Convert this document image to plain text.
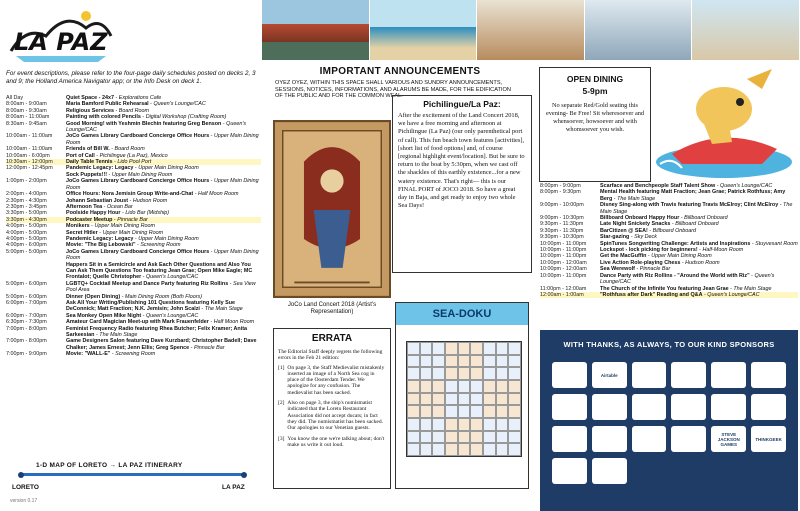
LA PAZ
For event descriptions, please refer to the four-page daily schedules posted on decks 2, 3 and 9; the Holland America Navigator app; or the Info Desk on deck 1.
All Day	Quiet Space - 24x7 - Explorations Cafe
8:00am - 9:00am	Maria Bamford Public Rehearsal - Queen's Lounge/CAC
8:00am - 9:30am	Religious Services - Board Room
8:00am - 11:00am	Painting with colored Pencils - Digital Workshop (Crafting Room)
8:30am - 9:45am	Good Morning! with Yeshmin Blechin featuring Greg Benson - Queen's Lounge/CAC
10:00am - 11:00am	JoCo Games Library Cardboard Concierge Office Hours - Upper Main Dining Room
10:00am - 11:00am	Friends of Bill W. - Board Room
10:00am - 6:00pm	Port of Call - Pichilingue (La Paz), Mexico
10:30am - 12:00pm	Daily Table Tennis - Lido Pool Port
12:00pm - 12:45pm	Pandemic Legacy: Legacy - Upper Main Dining Room
Sock Puppets!!! - Upper Main Dining Room
1:00pm - 2:00pm	JoCo Games Library Cardboard Concierge Office Hours - Upper Main Dining Room
2:00pm - 4:00pm	Office Hours: Nora Jemisin Group Write-and-Chat - Half Moon Room
2:30pm - 4:30pm	Johann Sebastian Joust - Hudson Room
2:30pm - 3:45pm	Afternoon Tea - Ocean Bar
3:30pm - 5:00pm	Poolside Happy Hour - Lido Bar (Midship)
3:30pm - 4:30pm	Podcaster Meetup - Pinnacle Bar
4:00pm - 5:00pm	Monikers - Upper Main Dining Room
4:00pm - 5:00pm	Secret Hitler - Upper Main Dining Room
4:00pm - 5:00pm	Pandemic Legacy: Legacy - Upper Main Dining Room
4:00pm - 6:00pm	Movie: "The Big Lebowski" - Screening Room
5:00pm - 5:00pm	JoCo Games Library Cardboard Concierge Office Hours - Upper Main Dining Room
Happers Sit in a Semicircle and Ask Each Other Questions and Also You Can Ask Them Questions Too featuring Jean Grae; Open Mike Eagle; MC Frontalot; Quelle Christopher - Queen's Lounge/CAC
5:00pm - 6:00pm	LGBTQ+ Cocktail Meetup and Dance Party featuring Riz Rollins - Sea View Pool Area
5:00pm - 6:00pm	Dinner (Open Dining) - Main Dining Room (Both Floors)
6:00pm - 7:00pm	Ask All Your Writing/Publishing 101 Questions featuring Kelly Sue DeConnick; Matt Fraction; N.K. Jemisin; John Scalzi - The Main Stage
6:00pm - 7:00pm	Sea Monkey Open Mike Night - Queen's Lounge/CAC
6:30pm - 7:30pm	Amateur Card Magician Meet-up with Mark Frauenfelder - Half Moon Room
7:00pm - 8:00pm	Feminist Frequency Radio featuring Rhea Butcher; Felix Kramer; Anita Sarkeesian - The Main Stage
7:00pm - 8:00pm	Game Designers Salon featuring Dave Kurzbard; Christopher Badell; Dave Chalker; James Ernest; Jenn Ellis; Greg Spence - Pinnacle Bar
7:00pm - 9:00pm	Movie: "WALL-E" - Screening Room
1-D MAP OF LORETO → LA PAZ ITINERARY
LORETO	LA PAZ
version 0.17
IMPORTANT ANNOUNCEMENTS
OYEZ OYEZ, WITHIN THIS SPACE SHALL VARIOUS AND SUNDRY ANNOUNCEMENTS, SESSIONS, NOTICES, INFORMATIONS, AND ALARUMS BE MADE, FOR THE EDIFICATION OF THE PUBLIC AND FOR THE COMMON WEAL.
JoCo Land Concert 2018 (Artist's Representation)
Pichilingue/La Paz:

After the excitement of the Land Concert 2018, we have a free morning and afternoon at Pichilingue (La Paz) (our only parenthetical port of call). This fun beach town features [activities], [short list of food options] and, of course [regional highlight event/location]. But be sure to return to the boat by 5:30pm, when we cast off the shackles of this earthly existence...for a new watery existence. That's right— this is our FINAL PORT of JOCO 2018. So have a great day in Baja, and get ready to enjoy two whole Sea Days!

ERRATA

The Editorial Staff deeply regrets the following errors in the Feb 21 edition:

[1] On page 3, the Staff Medievalist mistakenly inserted an image of a North Sea cog in place of the Oosterdam Tender. We apologize for any confusion. The medievalist has been sacked.
[2] Also on page 3, the ship's numismatist indicated that the Loreto Restaurant Association did not accept ducats; in fact they did. The numismatist has been sacked. Our apologies to our Venetian guests.
[3] You know the one we're talking about; don't make us write it out loud.
SEA-DOKU
OPEN DINING
5-9pm

No separate Red/Gold seating this evening- Be Free! Sit wheresoever and whensoever, howsoever and with whomsoever you wish.

8:00pm - 9:00pm	Scarface and Benchpeople Staff Talent Show - Queen's Lounge/CAC
8:00pm - 9:30pm	Mental Health featuring Matt Fraction; Jean Grae; Patrick Rothfuss; Amy Berg - The Main Stage
9:00pm - 10:00pm	Disney Sing-along with Travis featuring Travis McElroy; Clint McElroy - The Main Stage
9:00pm - 10:30pm	Billboard Onboard Happy Hour - Billboard Onboard
9:30pm - 11:30pm	Late Night Snickety Snacks - Billboard Onboard
9:30pm - 11:30pm	BarCitizen @ SEA! - Billboard Onboard
9:30pm - 10:30pm	Star-gazing - Sky Deck
10:00pm - 11:00pm	SpinTunes Songwriting Challenge: Artists and Inspirations - Stuyvesant Room
10:00pm - 11:00pm	Lockspot - lock picking for beginners! - Half-Moon Room
10:00pm - 11:00pm	Get the MacGuffin - Upper Main Dining Room
10:00pm - 12:00am	Live Action Role-playing Chess - Hudson Room
10:00pm - 12:00am	Sea Werewolf - Pinnacle Bar
10:00pm - 11:00pm	Dance Party with Riz Rollins - "Around the World with Riz" - Queen's Lounge/CAC
11:00pm - 12:00am	The Church of the Infinite You featuring Jean Grae - The Main Stage
12:00am - 1:00am	"Rothfuss after Dark" Reading and Q&A - Queen's Lounge/CAC
WITH THANKS, AS ALWAYS, TO OUR KIND SPONSORS
Airtable
STEVE JACKSON GAMES
THINKGEEK
